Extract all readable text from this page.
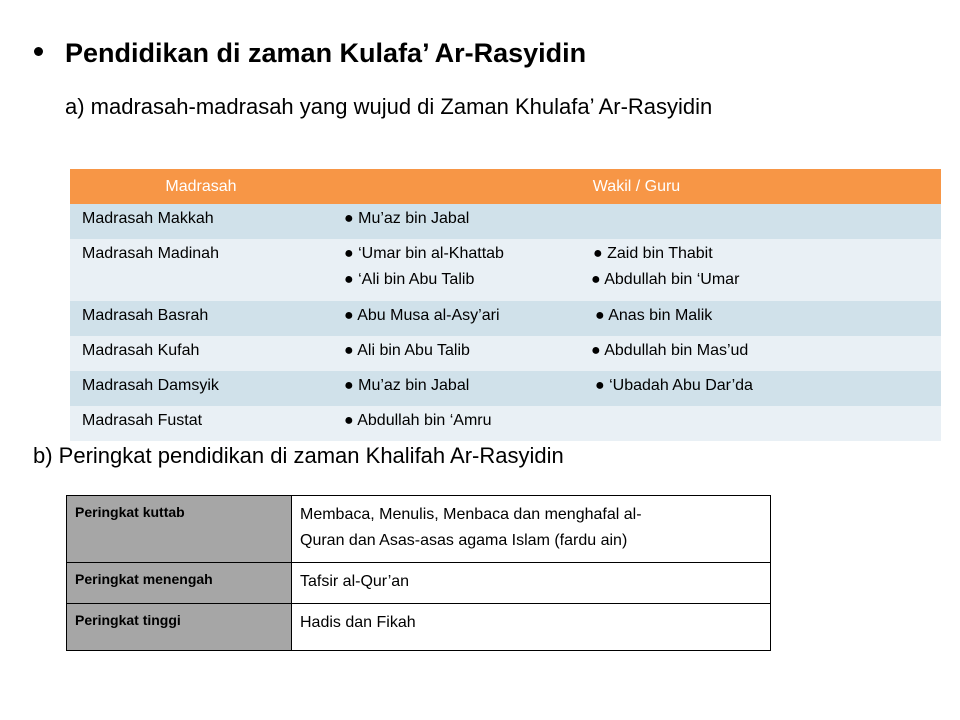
Pendidikan di zaman Kulafa’ Ar-Rasyidin
a) madrasah-madrasah yang wujud di Zaman Khulafa’ Ar-Rasyidin
Madrasah	Wakil / Guru
Madrasah Makkah	● Mu’az bin Jabal

Madrasah Madinah	● ‘Umar bin al-Khattab ● Zaid bin Thabit
● ‘Ali bin Abu Talib ● Abdullah bin ‘Umar

Madrasah Basrah	● Abu Musa al-Asy’ari ● Anas bin Malik

Madrasah Kufah	● Ali bin Abu Talib ● Abdullah bin Mas’ud

Madrasah Damsyik	● Mu’az bin Jabal ● ‘Ubadah Abu Dar’da

Madrasah Fustat	● Abdullah bin ‘Amru
b) Peringkat pendidikan di zaman Khalifah Ar-Rasyidin
Peringkat kuttab	Membaca, Menulis, Menbaca dan menghafal al-
Quran dan Asas-asas agama Islam (fardu ain)

Peringkat menengah	Tafsir al-Qur’an
Peringkat tinggi	Hadis dan Fikah
